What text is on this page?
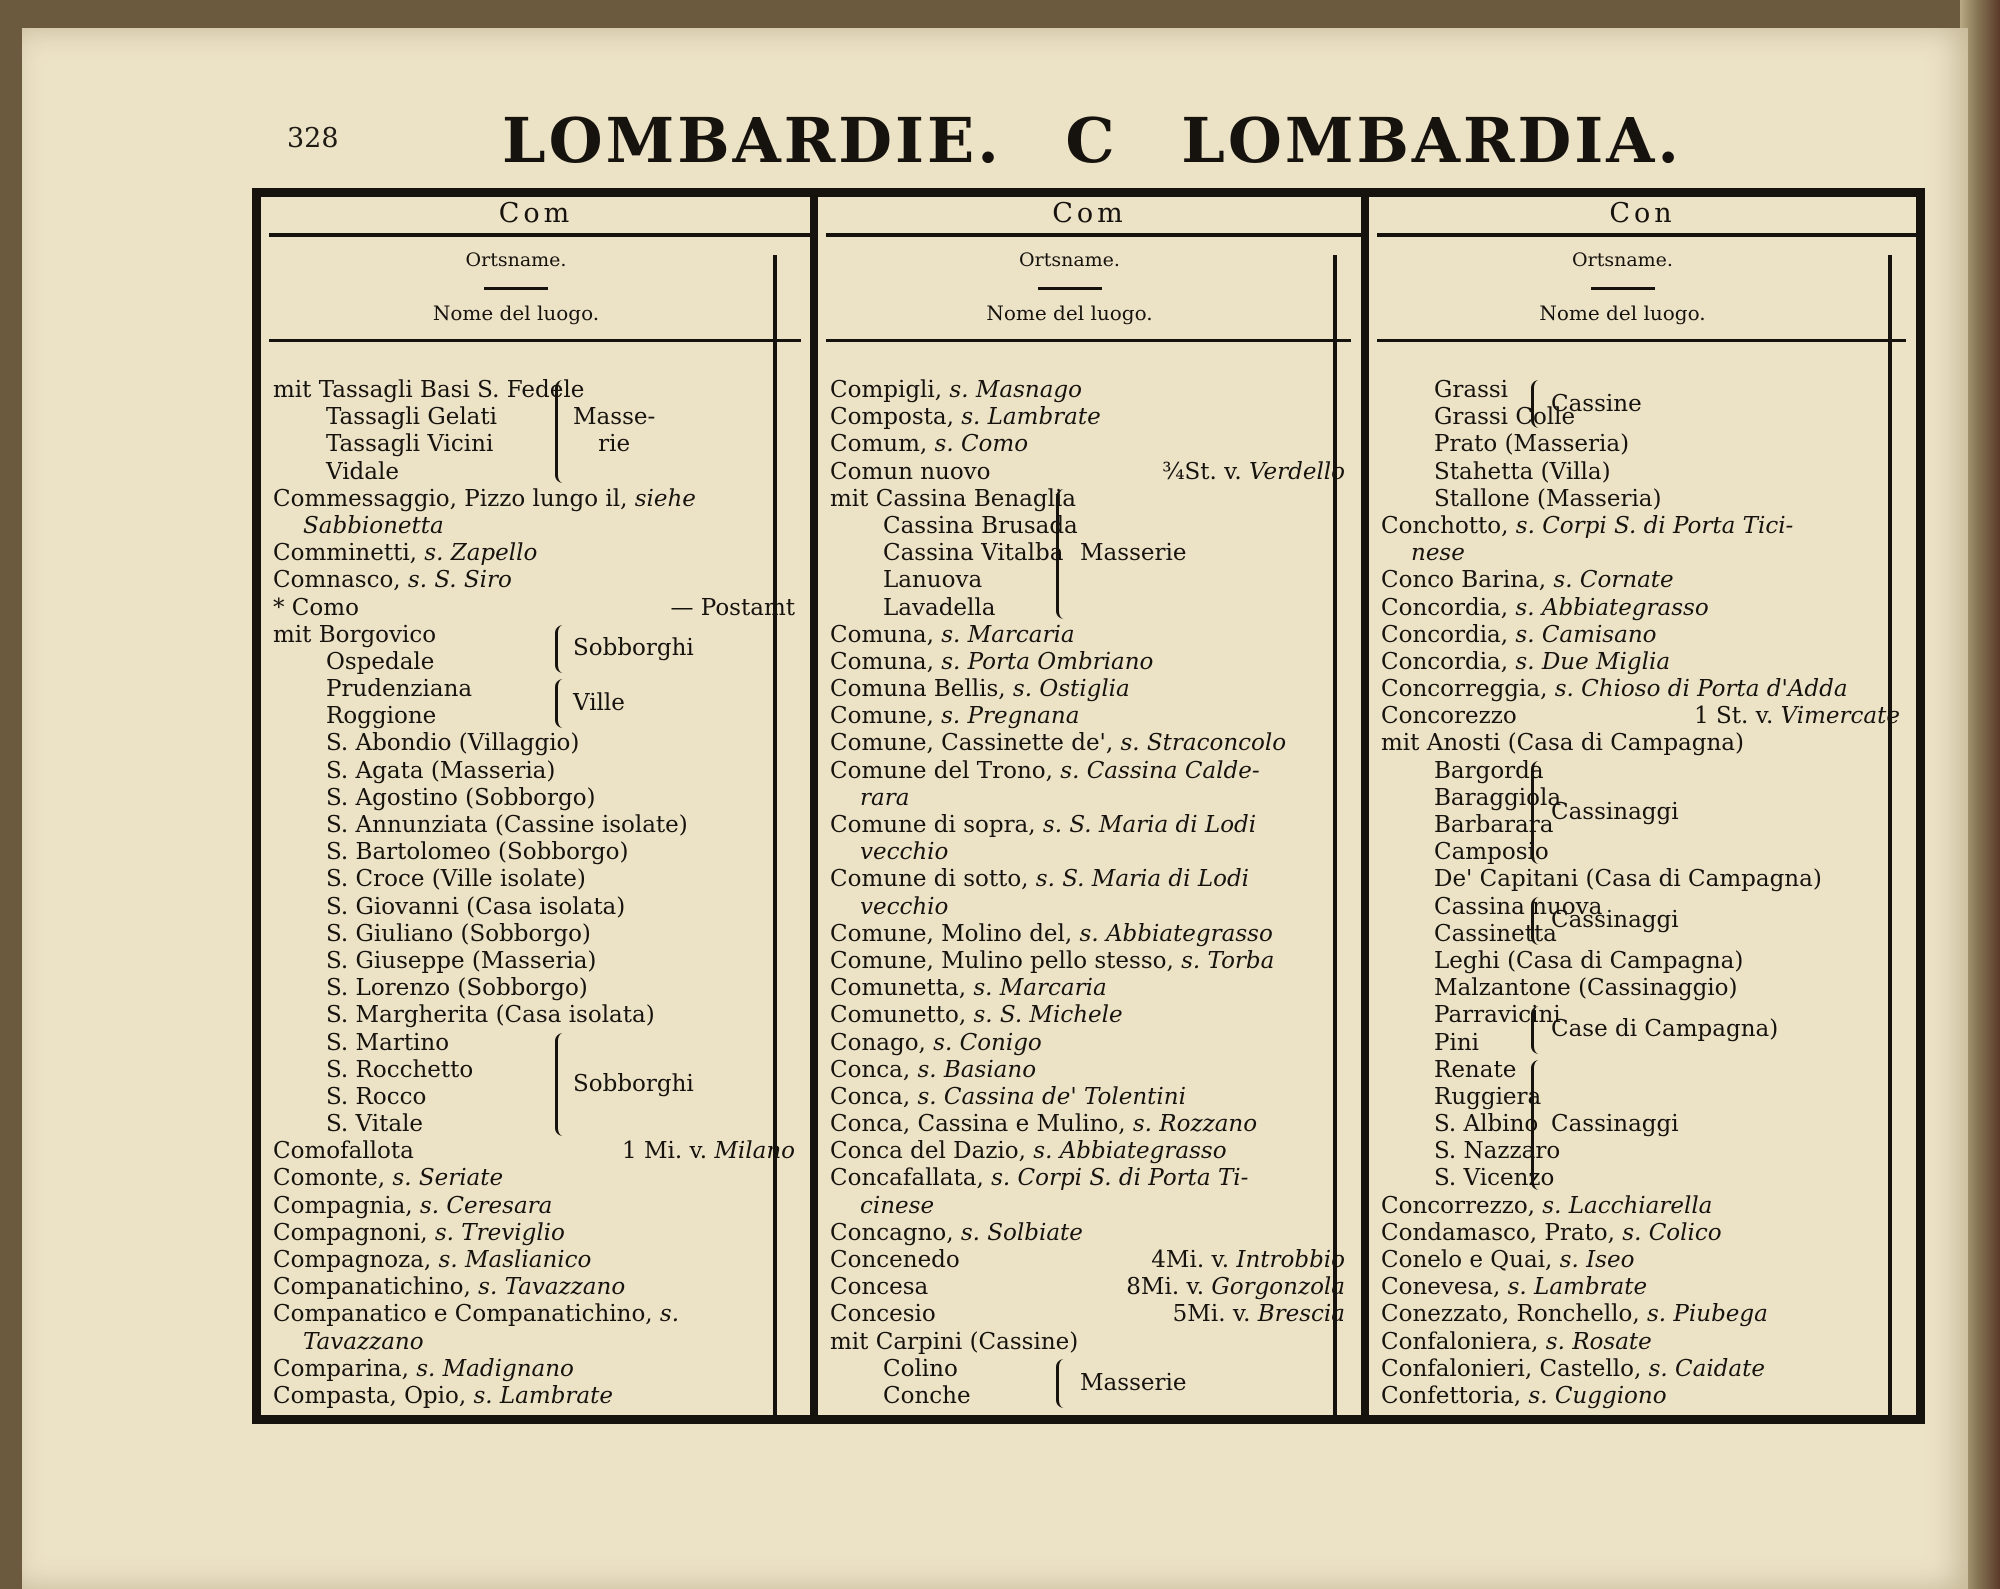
328	LOMBARDIE. C LOMBARDIA.
Com
Ortsname.
Nome del luogo.
mit Tassagli Basi S. Fedele
Tassagli Gelati
Tassagli Vicini
Vidale
Commessaggio, Pizzo lungo il, siehe
Sabbionetta
Comminetti, s. Zapello
Comnasco, s. S. Siro
* Como	— Postamt
mit Borgovico
Ospedale
Prudenziana
Roggione
S. Abondio (Villaggio)
S. Agata (Masseria)
S. Agostino (Sobborgo)
S. Annunziata (Cassine isolate)
S. Bartolomeo (Sobborgo)
S. Croce (Ville isolate)
S. Giovanni (Casa isolata)
S. Giuliano (Sobborgo)
S. Giuseppe (Masseria)
S. Lorenzo (Sobborgo)
S. Margherita (Casa isolata)
S. Martino
S. Rocchetto
S. Rocco
S. Vitale
Comofallota	1 Mi. v. Milano
Comonte, s. Seriate
Compagnia, s. Ceresara
Compagnoni, s. Treviglio
Compagnoza, s. Maslianico
Companatichino, s. Tavazzano
Companatico e Companatichino, s.
Tavazzano
Comparina, s. Madignano
Compasta, Opio, s. Lambrate
Masse-
rie
Sobborghi
Ville
Sobborghi
Com
Ortsname.
Nome del luogo.
Compigli, s. Masnago
Composta, s. Lambrate
Comum, s. Como
Comun nuovo	¾St. v. Verdello
mit Cassina Benaglia
Cassina Brusada
Cassina Vitalba
Lanuova
Lavadella
Comuna, s. Marcaria
Comuna, s. Porta Ombriano
Comuna Bellis, s. Ostiglia
Comune, s. Pregnana
Comune, Cassinette de', s. Straconcolo
Comune del Trono, s. Cassina Calde-
rara
Comune di sopra, s. S. Maria di Lodi
vecchio
Comune di sotto, s. S. Maria di Lodi
vecchio
Comune, Molino del, s. Abbiategrasso
Comune, Mulino pello stesso, s. Torba
Comunetta, s. Marcaria
Comunetto, s. S. Michele
Conago, s. Conigo
Conca, s. Basiano
Conca, s. Cassina de' Tolentini
Conca, Cassina e Mulino, s. Rozzano
Conca del Dazio, s. Abbiategrasso
Concafallata, s. Corpi S. di Porta Ti-
cinese
Concagno, s. Solbiate
Concenedo	4Mi. v. Introbbio
Concesa	8Mi. v. Gorgonzola
Concesio	5Mi. v. Brescia
mit Carpini (Cassine)
Colino
Conche
Masserie
Masserie
Con
Ortsname.
Nome del luogo.
Grassi
Grassi Colle
Prato (Masseria)
Stahetta (Villa)
Stallone (Masseria)
Conchotto, s. Corpi S. di Porta Tici-
nese
Conco Barina, s. Cornate
Concordia, s. Abbiategrasso
Concordia, s. Camisano
Concordia, s. Due Miglia
Concorreggia, s. Chioso di Porta d'Adda
Concorezzo	1 St. v. Vimercate
mit Anosti (Casa di Campagna)
Bargorda
Baraggiola
Barbarara
Camposio
De' Capitani (Casa di Campagna)
Cassina nuova
Cassinetta
Leghi (Casa di Campagna)
Malzantone (Cassinaggio)
Parravicini
Pini
Renate
Ruggiera
S. Albino
S. Nazzaro
S. Vicenzo
Concorrezzo, s. Lacchiarella
Condamasco, Prato, s. Colico
Conelo e Quai, s. Iseo
Conevesa, s. Lambrate
Conezzato, Ronchello, s. Piubega
Confaloniera, s. Rosate
Confalonieri, Castello, s. Caidate
Confettoria, s. Cuggiono
Cassine
Cassinaggi
Cassinaggi
Case di Campagna)
Cassinaggi
